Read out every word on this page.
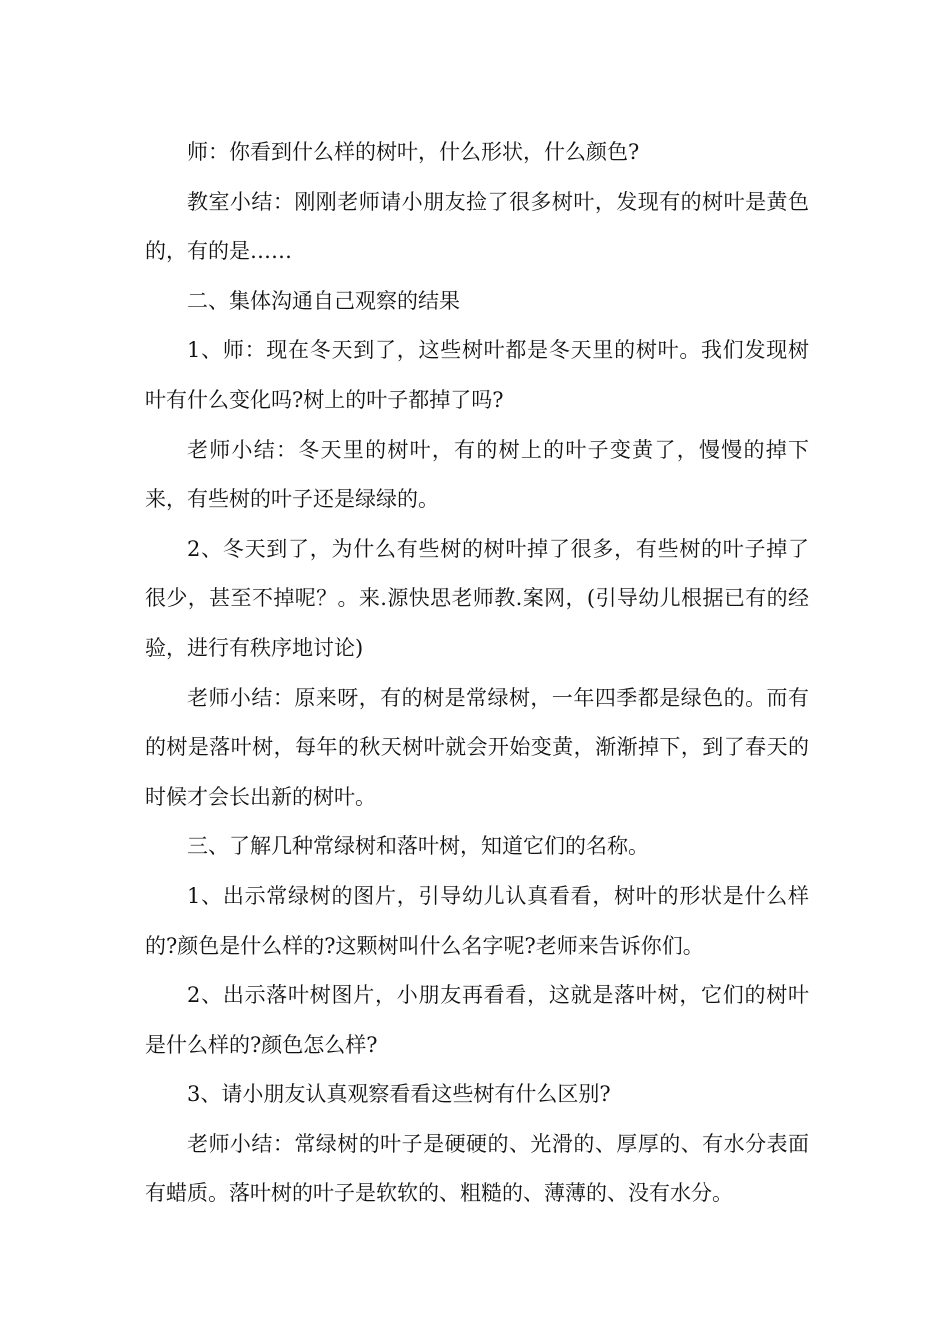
师：你看到什么样的树叶，什么形状，什么颜色?

教室小结：刚刚老师请小朋友捡了很多树叶，发现有的树叶是黄色的，有的是……

二、集体沟通自己观察的结果

1、师：现在冬天到了，这些树叶都是冬天里的树叶。我们发现树叶有什么变化吗?树上的叶子都掉了吗?

老师小结：冬天里的树叶，有的树上的叶子变黄了，慢慢的掉下来，有些树的叶子还是绿绿的。

2、冬天到了，为什么有些树的树叶掉了很多，有些树的叶子掉了很少，甚至不掉呢？。来.源快思老师教.案网，(引导幼儿根据已有的经验，进行有秩序地讨论)

老师小结：原来呀，有的树是常绿树，一年四季都是绿色的。而有的树是落叶树，每年的秋天树叶就会开始变黄，渐渐掉下，到了春天的时候才会长出新的树叶。

三、了解几种常绿树和落叶树，知道它们的名称。

1、出示常绿树的图片，引导幼儿认真看看，树叶的形状是什么样的?颜色是什么样的?这颗树叫什么名字呢?老师来告诉你们。

2、出示落叶树图片，小朋友再看看，这就是落叶树，它们的树叶是什么样的?颜色怎么样?

3、请小朋友认真观察看看这些树有什么区别?

老师小结：常绿树的叶子是硬硬的、光滑的、厚厚的、有水分表面有蜡质。落叶树的叶子是软软的、粗糙的、薄薄的、没有水分。
